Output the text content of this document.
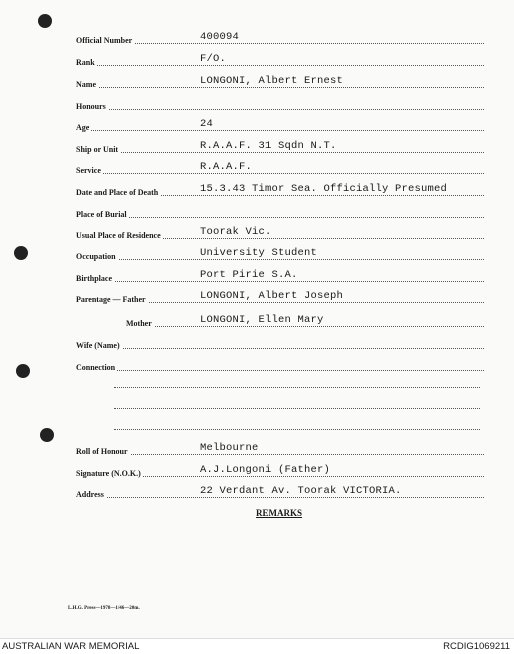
Official Number	400094
Rank	F/O.
Name	LONGONI, Albert Ernest
Honours
Age	24
Ship or Unit	R.A.A.F. 31 Sqdn N.T.
Service	R.A.A.F.
Date and Place of Death	15.3.43 Timor Sea. Officially Presumed
Place of Burial
Usual Place of Residence	Toorak Vic.
Occupation	University Student
Birthplace	Port Pirie S.A.
Parentage — Father	LONGONI, Albert Joseph
Mother	LONGONI, Ellen Mary
Wife (Name)
Connection
Roll of Honour	Melbourne
Signature (N.O.K.)	A.J.Longoni (Father)
Address	22 Verdant Av. Toorak VICTORIA.
REMARKS
L.H.G. Press—1978—1/46—20m.
AUSTRALIAN WAR MEMORIAL	RCDIG1069211
